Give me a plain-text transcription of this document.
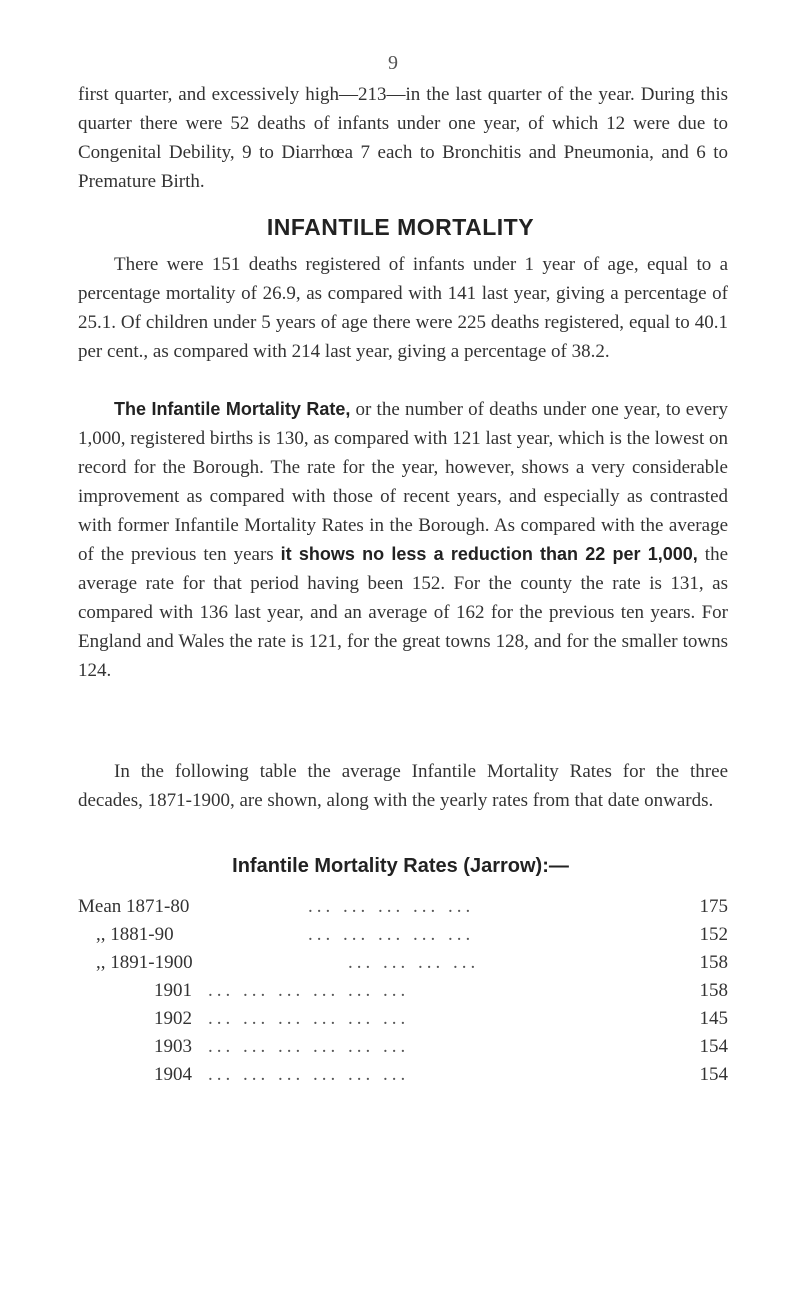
9

first quarter, and excessively high—213—in the last quarter of the year. During this quarter there were 52 deaths of infants under one year, of which 12 were due to Congenital Debility, 9 to Diarrhœa 7 each to Bronchitis and Pneumonia, and 6 to Premature Birth.

INFANTILE MORTALITY

There were 151 deaths registered of infants under 1 year of age, equal to a percentage mortality of 26.9, as compared with 141 last year, giving a percentage of 25.1. Of children under 5 years of age there were 225 deaths registered, equal to 40.1 per cent., as compared with 214 last year, giving a percentage of 38.2.

The Infantile Mortality Rate, or the number of deaths under one year, to every 1,000, registered births is 130, as compared with 121 last year, which is the lowest on record for the Borough. The rate for the year, however, shows a very considerable improvement as compared with those of recent years, and especially as contrasted with former Infantile Mortality Rates in the Borough. As compared with the average of the previous ten years it shows no less a reduction than 22 per 1,000, the average rate for that period having been 152. For the county the rate is 131, as compared with 136 last year, and an average of 162 for the previous ten years. For England and Wales the rate is 121, for the great towns 128, and for the smaller towns 124.

In the following table the average Infantile Mortality Rates for the three decades, 1871-1900, are shown, along with the yearly rates from that date onwards.

Infantile Mortality Rates (Jarrow):—
Mean 1871-80	... ... ... ... ...	175
,, 1881-90	... ... ... ... ...	152
,, 1891-1900	... ... ... ...	158
1901 ... ... ... ... ... ...	158
1902 ... ... ... ... ... ...	145
1903 ... ... ... ... ... ...	154
1904 ... ... ... ... ... ...	154
